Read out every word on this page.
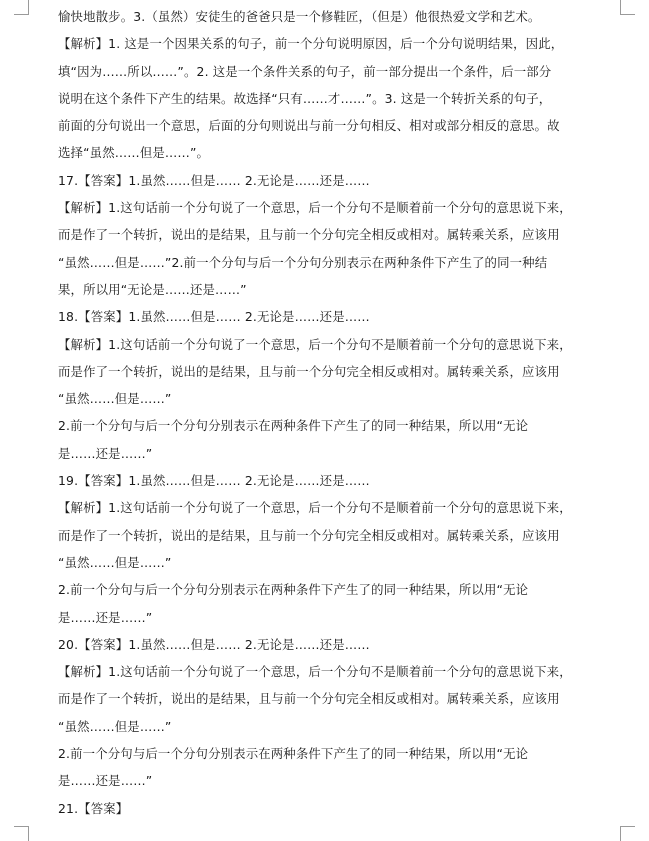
愉快地散步。3.（虽然）安徒生的爸爸只是一个修鞋匠，（但是）他很热爱文学和艺术。
【解析】1. 这是一个因果关系的句子，前一个分句说明原因，后一个分句说明结果，因此，
填“因为……所以……”。2. 这是一个条件关系的句子，前一部分提出一个条件，后一部分
说明在这个条件下产生的结果。故选择“只有……才……”。3. 这是一个转折关系的句子，
前面的分句说出一个意思，后面的分句则说出与前一分句相反、相对或部分相反的意思。故
选择“虽然……但是……”。
17.【答案】1.虽然……但是…… 2.无论是……还是……
【解析】1.这句话前一个分句说了一个意思，后一个分句不是顺着前一个分句的意思说下来，
而是作了一个转折，说出的是结果，且与前一个分句完全相反或相对。属转乘关系，应该用
“虽然……但是……”2.前一个分句与后一个分句分别表示在两种条件下产生了的同一种结
果，所以用“无论是……还是……”
18.【答案】1.虽然……但是…… 2.无论是……还是……
【解析】1.这句话前一个分句说了一个意思，后一个分句不是顺着前一个分句的意思说下来，
而是作了一个转折，说出的是结果，且与前一个分句完全相反或相对。属转乘关系，应该用
“虽然……但是……”
2.前一个分句与后一个分句分别表示在两种条件下产生了的同一种结果，所以用“无论
是……还是……”
19.【答案】1.虽然……但是…… 2.无论是……还是……
【解析】1.这句话前一个分句说了一个意思，后一个分句不是顺着前一个分句的意思说下来，
而是作了一个转折，说出的是结果，且与前一个分句完全相反或相对。属转乘关系，应该用
“虽然……但是……”
2.前一个分句与后一个分句分别表示在两种条件下产生了的同一种结果，所以用“无论
是……还是……”
20.【答案】1.虽然……但是…… 2.无论是……还是……
【解析】1.这句话前一个分句说了一个意思，后一个分句不是顺着前一个分句的意思说下来，
而是作了一个转折，说出的是结果，且与前一个分句完全相反或相对。属转乘关系，应该用
“虽然……但是……”
2.前一个分句与后一个分句分别表示在两种条件下产生了的同一种结果，所以用“无论
是……还是……”
21.【答案】
